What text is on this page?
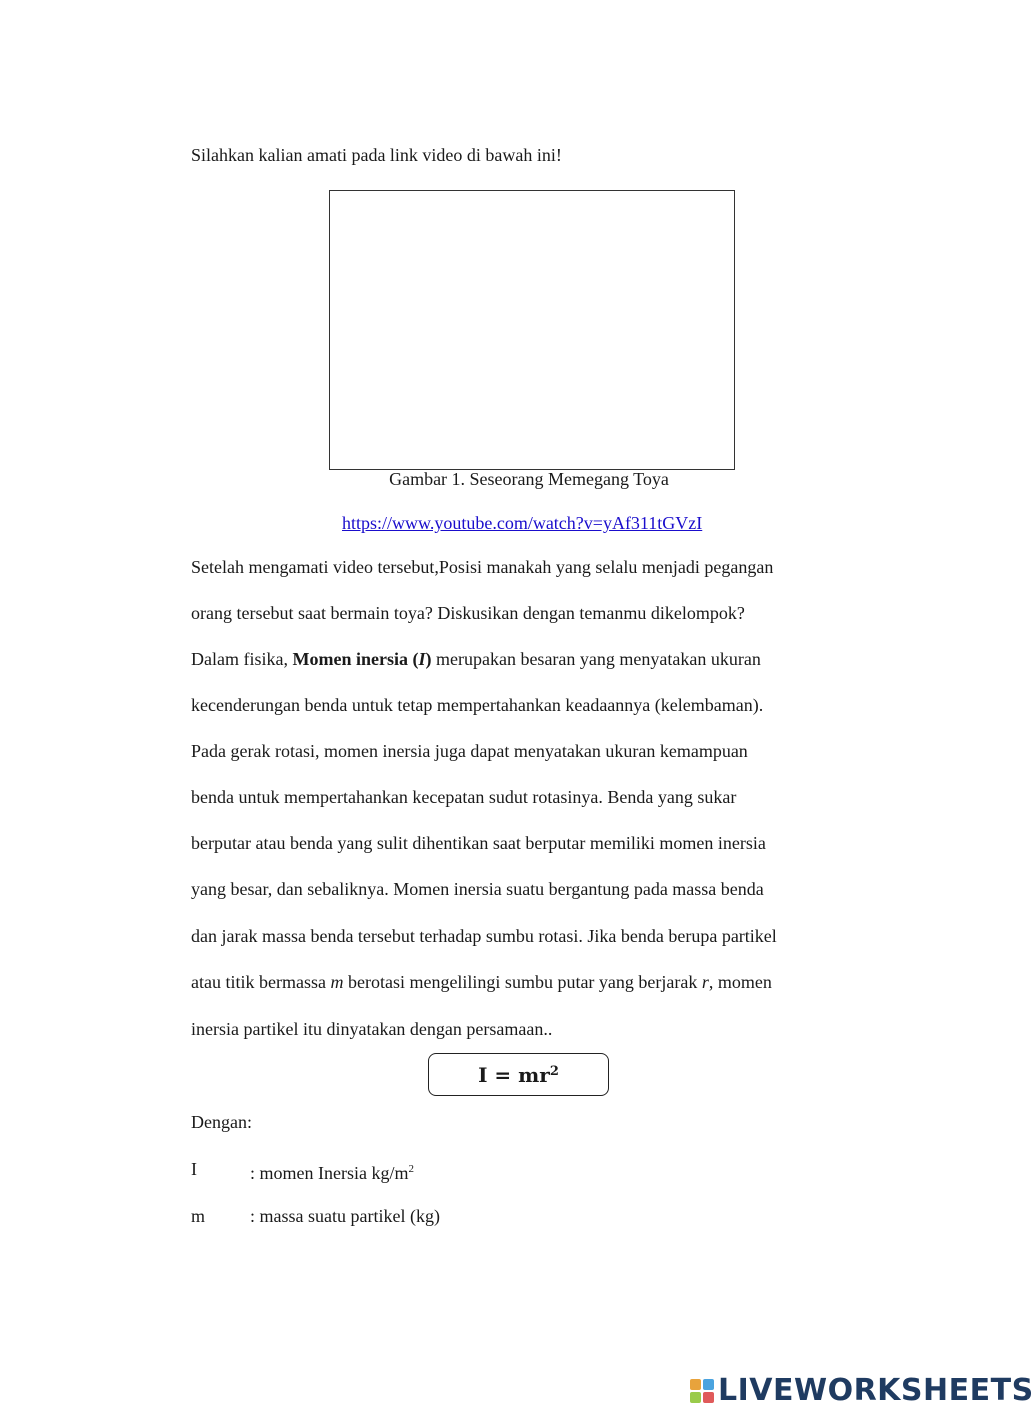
Silahkan kalian amati pada link video di bawah ini!
Gambar 1. Seseorang Memegang Toya
https://www.youtube.com/watch?v=yAf311tGVzI
Setelah mengamati video tersebut,Posisi manakah yang selalu menjadi pegangan
orang tersebut saat bermain toya? Diskusikan dengan temanmu dikelompok?
Dalam fisika, Momen inersia (I) merupakan besaran yang menyatakan ukuran
kecenderungan benda untuk tetap mempertahankan keadaannya (kelembaman).
Pada gerak rotasi, momen inersia juga dapat menyatakan ukuran kemampuan
benda untuk mempertahankan kecepatan sudut rotasinya. Benda yang sukar
berputar atau benda yang sulit dihentikan saat berputar memiliki momen inersia
yang besar, dan sebaliknya. Momen inersia suatu bergantung pada massa benda
dan jarak massa benda tersebut terhadap sumbu rotasi. Jika benda berupa partikel
atau titik bermassa m berotasi mengelilingi sumbu putar yang berjarak r, momen
inersia partikel itu dinyatakan dengan persamaan..
$I = mr^2$
Dengan:
I	: momen Inersia $kg/m^2$
m : massa suatu partikel (kg)
LIVEWORKSHEETS
